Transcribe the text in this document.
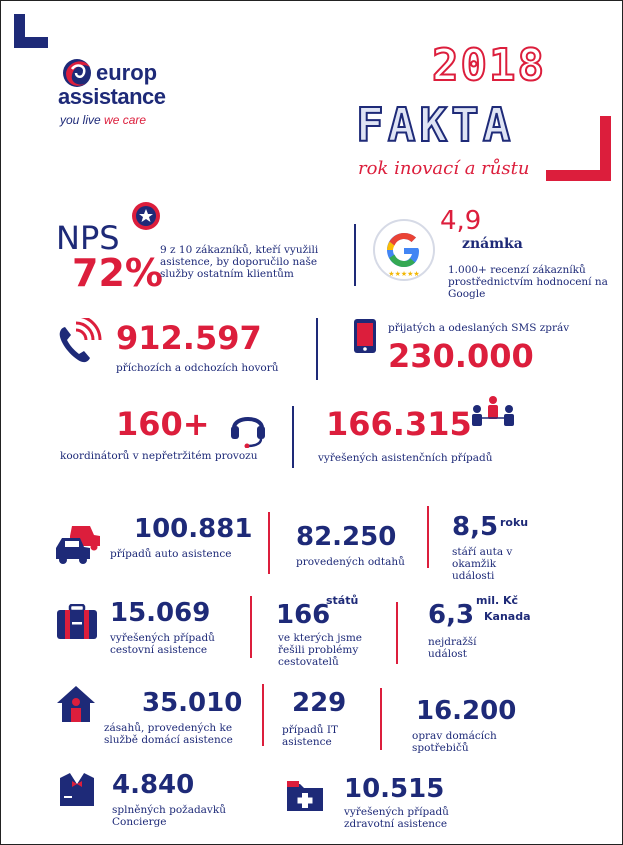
europ
assistance
you live we care
2018
FAKTA
rok inovací a růstu
NPS
72%
9 z 10 zákazníků, kteří využili asistence, by doporučilo naše služby ostatním klientům	★★★★★
4,9
známka
1.000+ recenzí zákazníků prostřednictvím hodnocení na Google
912.597
příchozích a odchozích hovorů
přijatých a odeslaných SMS zpráv
230.000
160+
koordinátorů v nepřetržitém provozu
166.315
vyřešených asistenčních případů
100.881
případů auto asistence
82.250
provedených odtahů
8,5 roku
stáří auta v okamžik události
15.069
vyřešených případů cestovní asistence
166
států
ve kterých jsme řešili problémy cestovatelů
6,3 mil. Kč
Kanada
nejdražší událost
35.010
zásahů, provedených ke službě domácí asistence
229
případů IT asistence
16.200
oprav domácích spotřebičů
4.840
splněných požadavků Concierge
10.515
vyřešených případů zdravotní asistence
